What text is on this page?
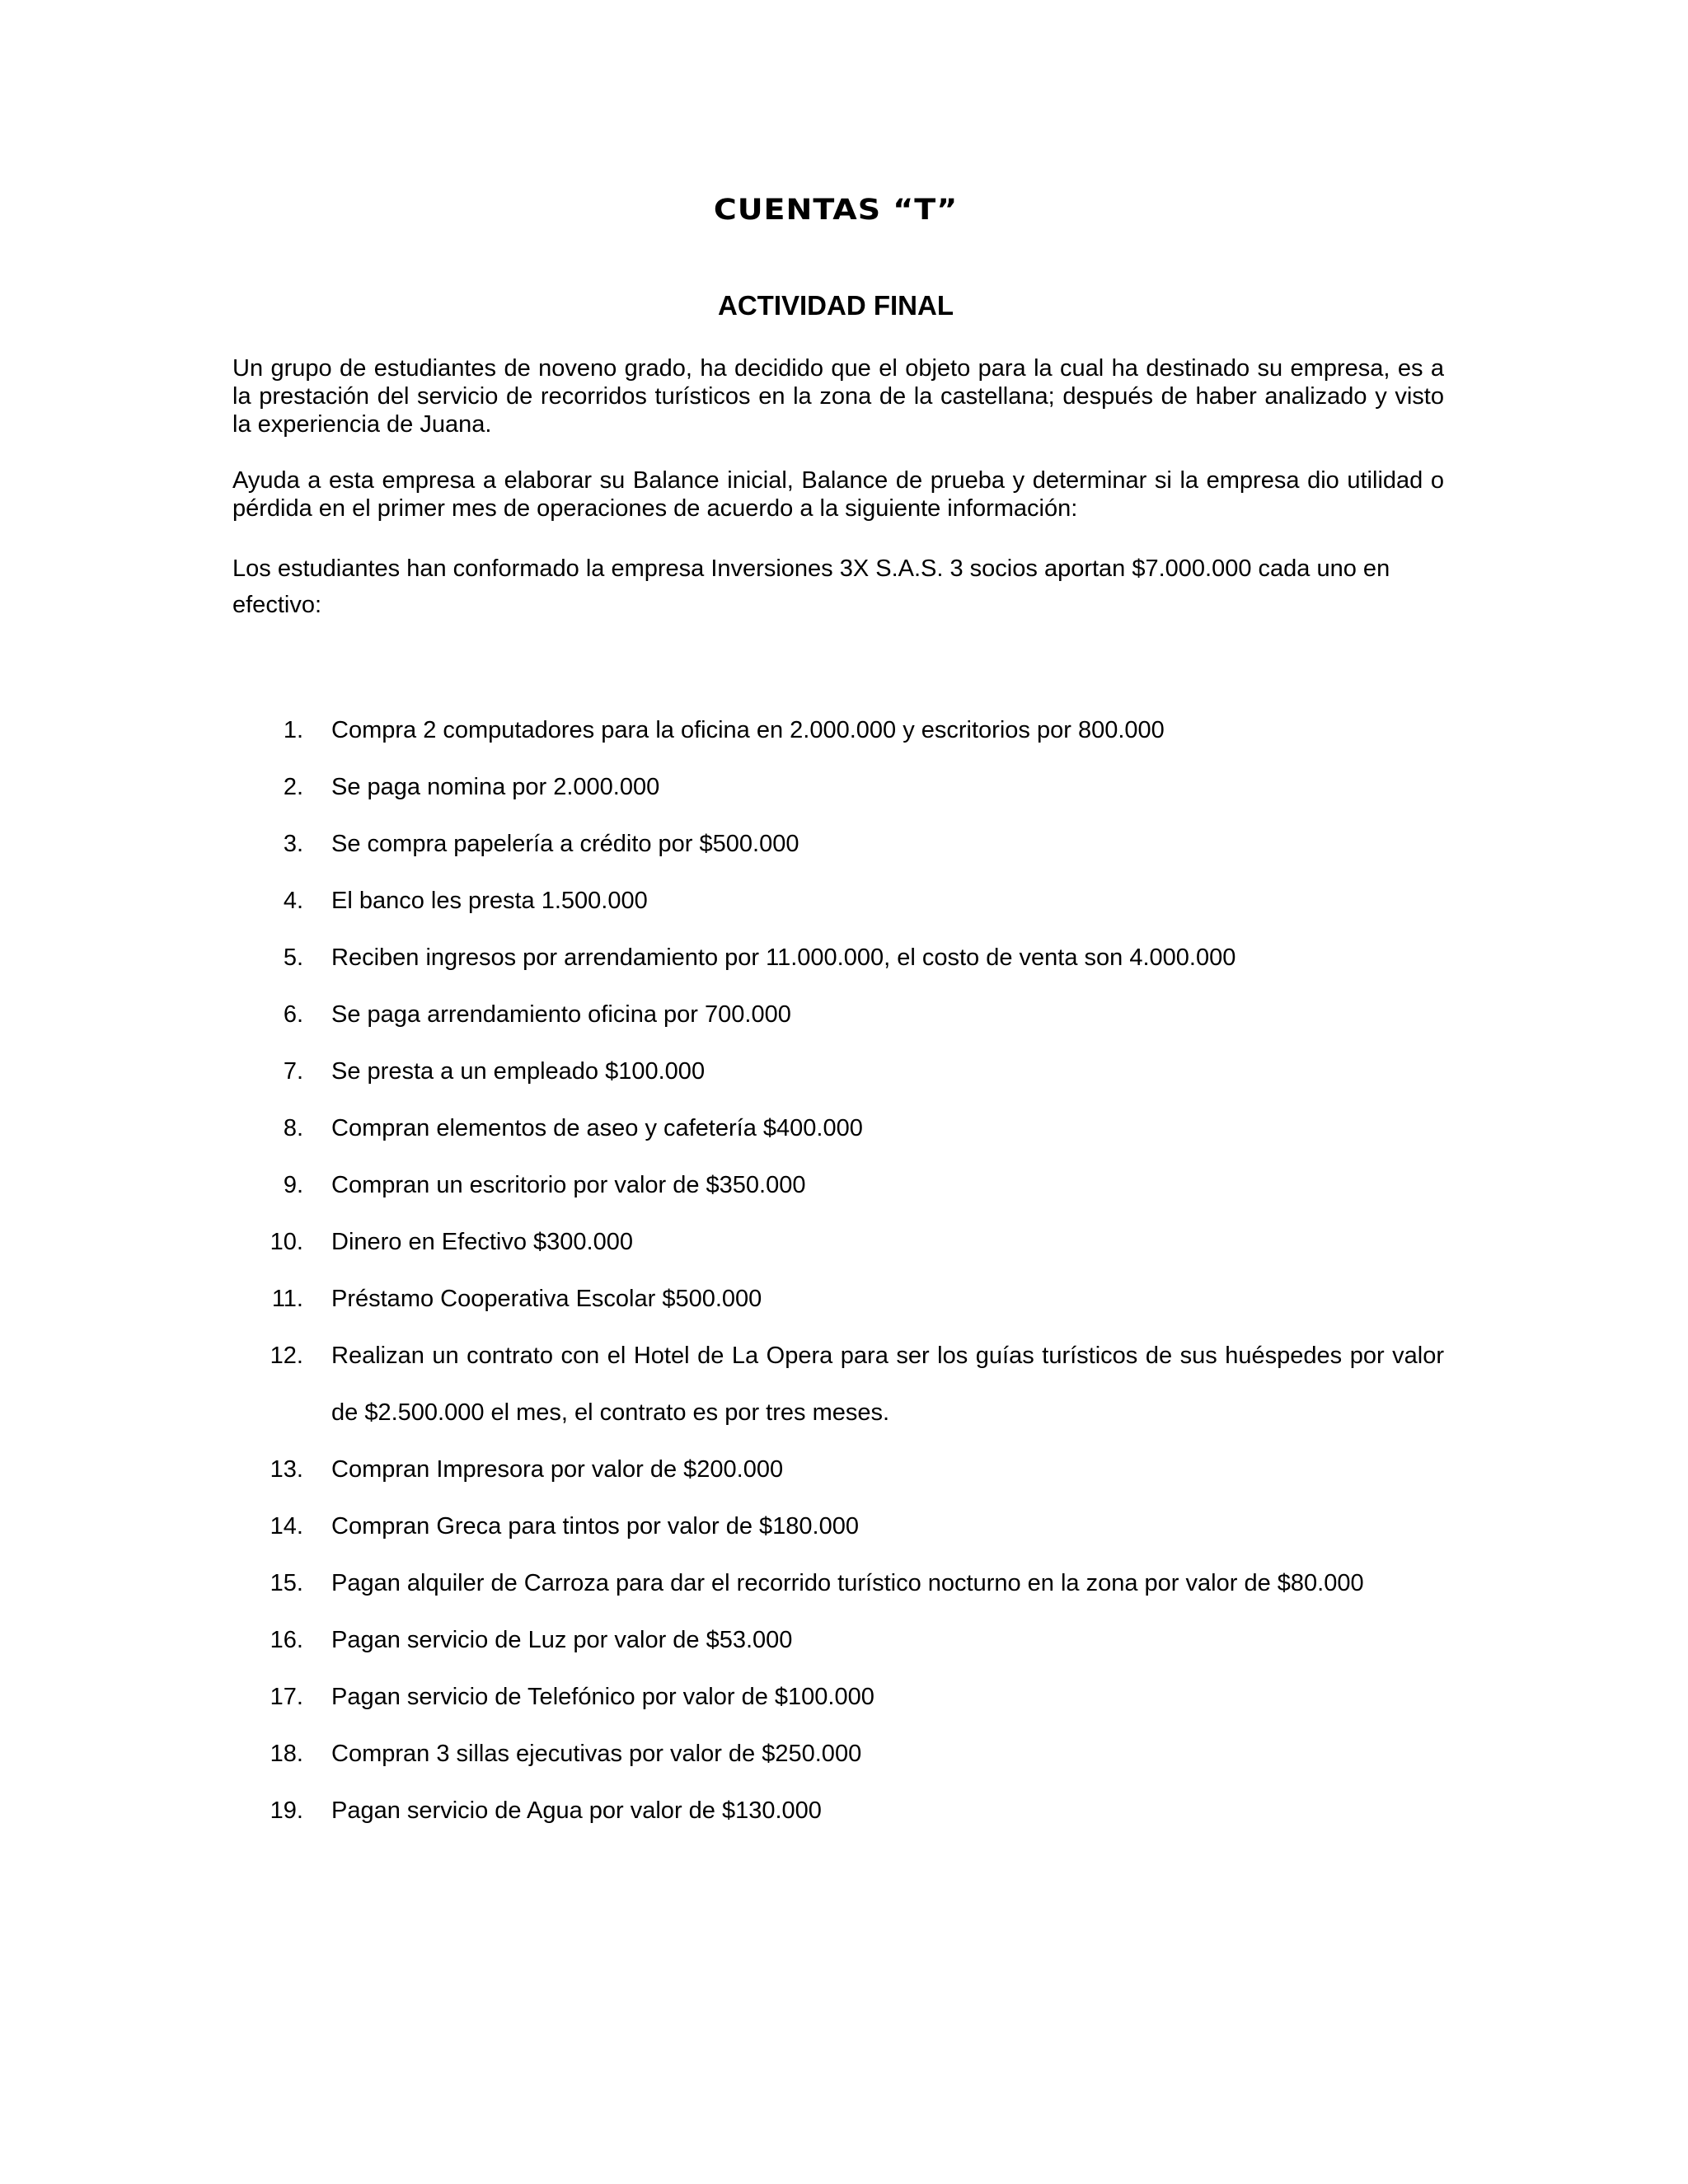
CUENTAS “T”
ACTIVIDAD FINAL

Un grupo de estudiantes de noveno grado, ha decidido que el objeto para la cual ha destinado su empresa, es a la prestación del servicio de recorridos turísticos en la zona de la castellana; después de haber analizado y visto la experiencia de Juana.

Ayuda a esta empresa a elaborar su Balance inicial, Balance de prueba y determinar si la empresa dio utilidad o pérdida en el primer mes de operaciones de acuerdo a la siguiente información:

Los estudiantes han conformado la empresa Inversiones 3X S.A.S. 3 socios aportan $7.000.000 cada uno en efectivo:

1.	Compra 2 computadores para la oficina en 2.000.000 y escritorios por 800.000
2.	Se paga nomina por 2.000.000
3.	Se compra papelería a crédito por $500.000
4.	El banco les presta 1.500.000
5.	Reciben ingresos por arrendamiento por 11.000.000, el costo de venta son 4.000.000
6.	Se paga arrendamiento oficina por 700.000
7.	Se presta a un empleado $100.000
8.	Compran elementos de aseo y cafetería $400.000
9.	Compran un escritorio por valor de $350.000
10.	Dinero en Efectivo $300.000
11.	Préstamo Cooperativa Escolar $500.000
12.	Realizan un contrato con el Hotel de La Opera para ser los guías turísticos de sus huéspedes por valor de $2.500.000 el mes, el contrato es por tres meses.
13.	Compran Impresora por valor de $200.000
14.	Compran Greca para tintos por valor de $180.000
15.	Pagan alquiler de Carroza para dar el recorrido turístico nocturno en la zona por valor de $80.000
16.	Pagan servicio de Luz por valor de $53.000
17.	Pagan servicio de Telefónico por valor de $100.000
18.	Compran 3 sillas ejecutivas por valor de $250.000
19.	Pagan servicio de Agua por valor de $130.000
